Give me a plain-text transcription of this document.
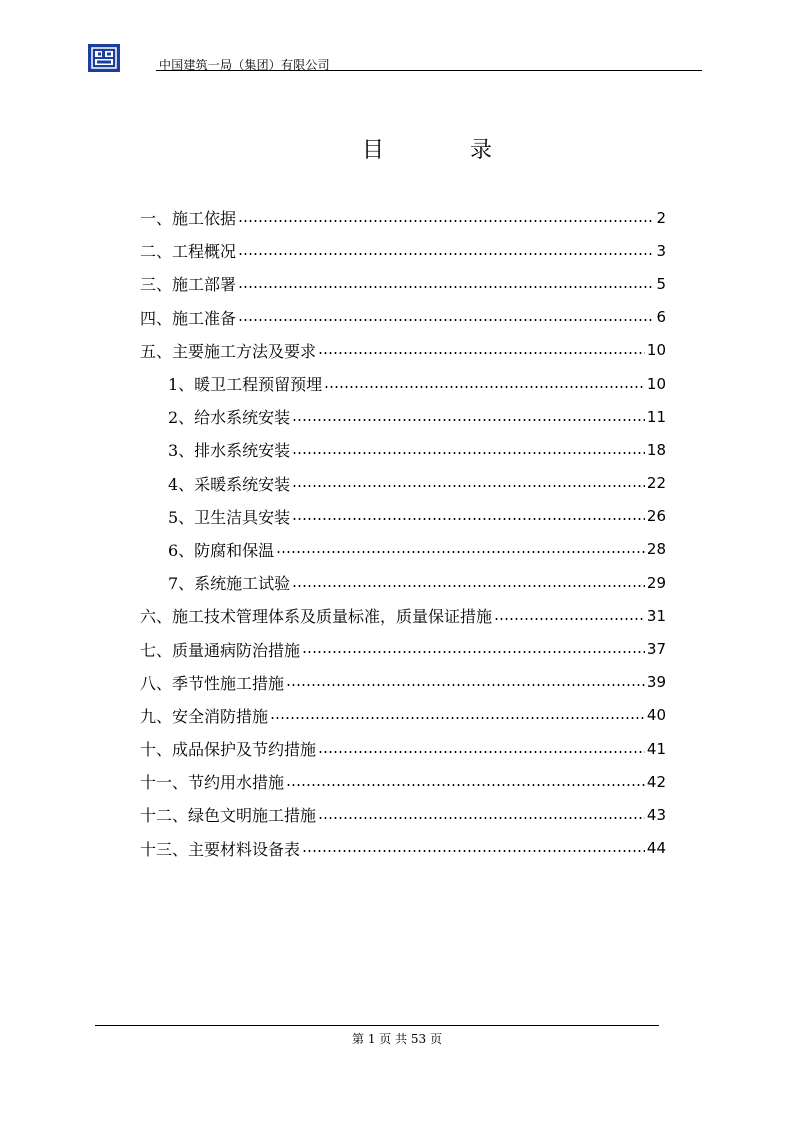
中国建筑一局（集团）有限公司
目	录
一、施工依据	2
二、工程概况	3
三、施工部署	5
四、施工准备	6
五、主要施工方法及要求	10
1、暖卫工程预留预埋	10
2、给水系统安装	11
3、排水系统安装	18
4、采暖系统安装	22
5、卫生洁具安装	26
6、防腐和保温	28
7、系统施工试验	29
六、施工技术管理体系及质量标准，质量保证措施	31
七、质量通病防治措施	37
八、季节性施工措施	39
九、安全消防措施	40
十、成品保护及节约措施	41
十一、节约用水措施	42
十二、绿色文明施工措施	43
十三、主要材料设备表	44
第 1 页 共 53 页
